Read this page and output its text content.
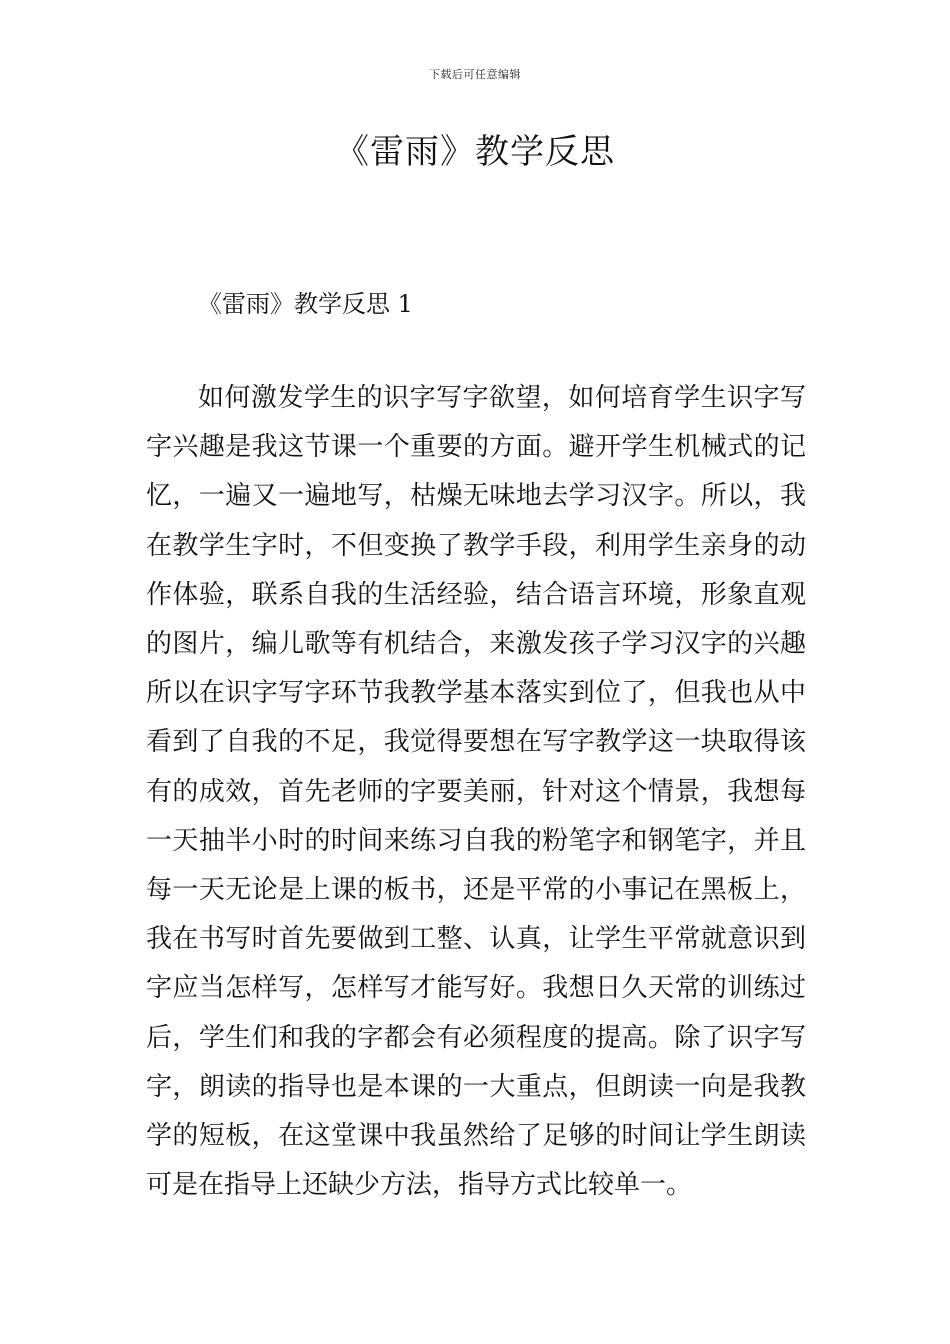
下载后可任意编辑
《雷雨》教学反思
《雷雨》教学反思 1

如何激发学生的识字写字欲望，如何培育学生识字写字兴趣是我这节课一个重要的方面。避开学生机械式的记忆，一遍又一遍地写，枯燥无味地去学习汉字。所以，我在教学生字时，不但变换了教学手段，利用学生亲身的动作体验，联系自我的生活经验，结合语言环境，形象直观的图片，编儿歌等有机结合，来激发孩子学习汉字的兴趣所以在识字写字环节我教学基本落实到位了，但我也从中看到了自我的不足，我觉得要想在写字教学这一块取得该有的成效，首先老师的字要美丽，针对这个情景，我想每一天抽半小时的时间来练习自我的粉笔字和钢笔字，并且每一天无论是上课的板书，还是平常的小事记在黑板上，我在书写时首先要做到工整、认真，让学生平常就意识到字应当怎样写，怎样写才能写好。我想日久天常的训练过后，学生们和我的字都会有必须程度的提高。除了识字写字，朗读的指导也是本课的一大重点，但朗读一向是我教学的短板，在这堂课中我虽然给了足够的时间让学生朗读可是在指导上还缺少方法，指导方式比较单一。
